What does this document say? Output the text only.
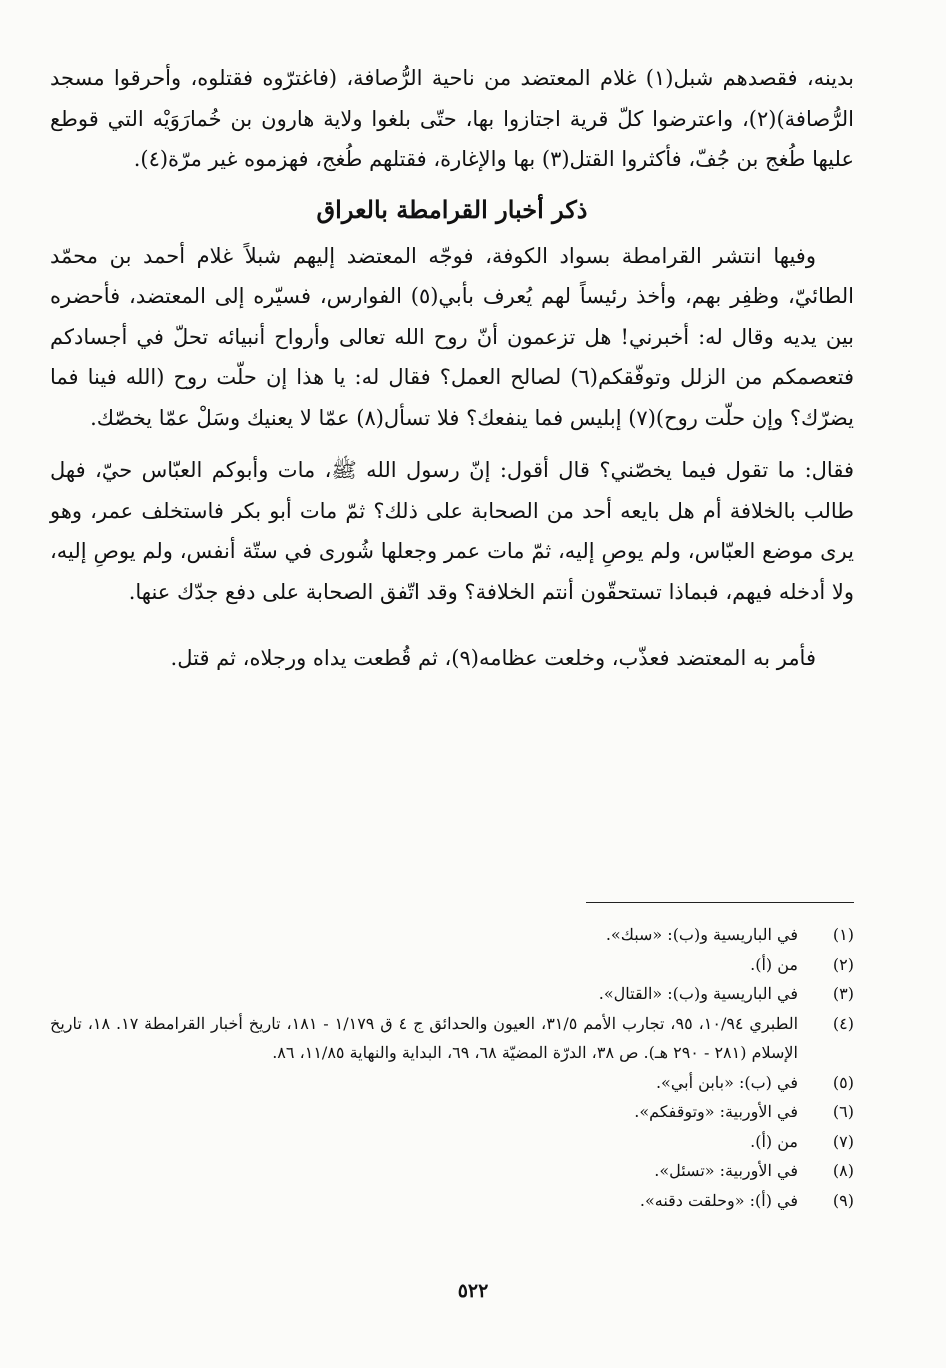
بدينه، فقصدهم شبل(١) غلام المعتضد من ناحية الرُّصافة، (فاغترّوه فقتلوه، وأحرقوا مسجد الرُّصافة)(٢)، واعترضوا كلّ قرية اجتازوا بها، حتّى بلغوا ولاية هارون بن خُمارَوَيْه التي قوطع عليها طُغج بن جُفّ، فأكثروا القتل(٣) بها والإغارة، فقتلهم طُغج، فهزموه غير مرّة(٤).

ذكر أخبار القرامطة بالعراق

وفيها انتشر القرامطة بسواد الكوفة، فوجّه المعتضد إليهم شبلاً غلام أحمد بن محمّد الطائيّ، وظفِر بهم، وأخذ رئيساً لهم يُعرف بأبي(٥) الفوارس، فسيّره إلى المعتضد، فأحضره بين يديه وقال له: أخبرني! هل تزعمون أنّ روح الله تعالى وأرواح أنبيائه تحلّ في أجسادكم فتعصمكم من الزلل وتوفّقكم(٦) لصالح العمل؟ فقال له: يا هذا إن حلّت روح (الله فينا فما يضرّك؟ وإن حلّت روح)(٧) إبليس فما ينفعك؟ فلا تسأل(٨) عمّا لا يعنيك وسَلْ عمّا يخصّك.

فقال: ما تقول فيما يخصّني؟ قال أقول: إنّ رسول الله ﷺ، مات وأبوكم العبّاس حيّ، فهل طالب بالخلافة أم هل بايعه أحد من الصحابة على ذلك؟ ثمّ مات أبو بكر فاستخلف عمر، وهو يرى موضع العبّاس، ولم يوصِ إليه، ثمّ مات عمر وجعلها شُورى في ستّة أنفس، ولم يوصِ إليه، ولا أدخله فيهم، فبماذا تستحقّون أنتم الخلافة؟ وقد اتّفق الصحابة على دفع جدّك عنها.

فأمر به المعتضد فعذّب، وخلعت عظامه(٩)، ثم قُطعت يداه ورجلاه، ثم قتل.

(١)
في الباريسية و(ب): «سبك».
(٢)
من (أ).
(٣)
في الباريسية و(ب): «القتال».
(٤)
الطبري ١٠/٩٤، ٩٥، تجارب الأمم ٣١/٥، العيون والحدائق ج ٤ ق ١/١٧٩ - ١٨١، تاريخ أخبار القرامطة ١٧. ١٨، تاريخ الإسلام (٢٨١ - ٢٩٠ هـ). ص ٣٨، الدرّة المضيّة ٦٨، ٦٩، البداية والنهاية ١١/٨٥، ٨٦.
(٥)
في (ب): «بابن أبي».
(٦)
في الأوربية: «وتوقفكم».
(٧)
من (أ).
(٨)
في الأوربية: «تسئل».
(٩)
في (أ): «وحلقت دقنه».
٥٢٢
